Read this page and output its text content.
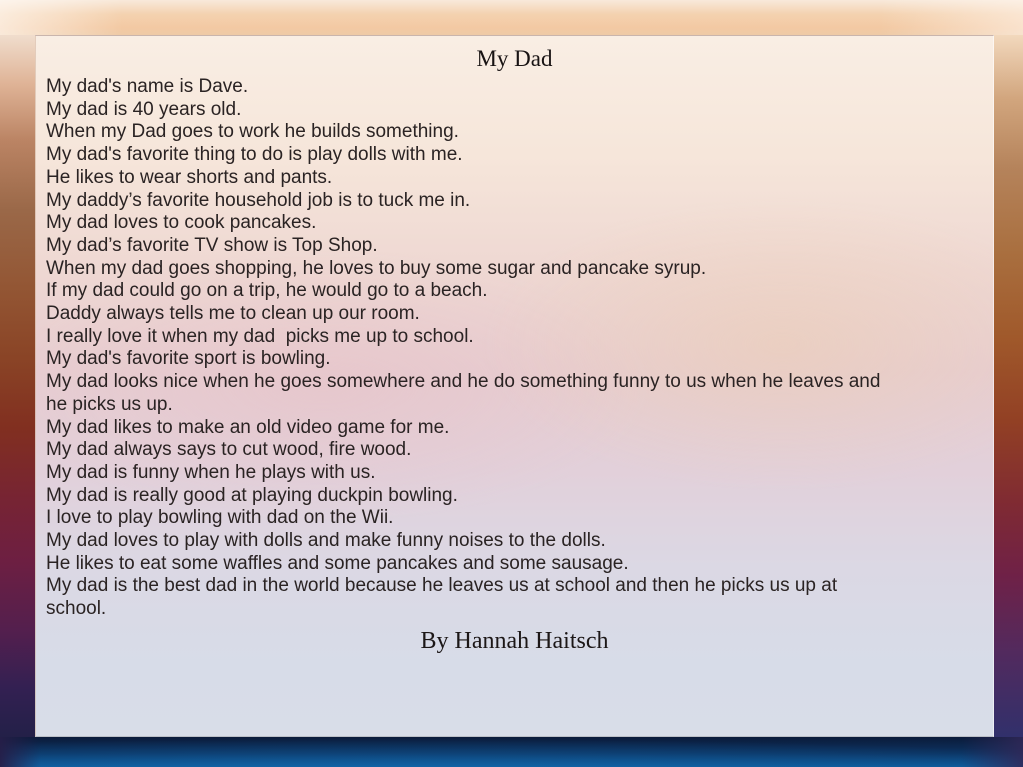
My Dad
My dad's name is Dave.
My dad is 40 years old.
When my Dad goes to work he builds something.
My dad's favorite thing to do is play dolls with me.
He likes to wear shorts and pants.
My daddy’s favorite household job is to tuck me in.
My dad loves to cook pancakes.
My dad’s favorite TV show is Top Shop.
When my dad goes shopping, he loves to buy some sugar and pancake syrup.
If my dad could go on a trip, he would go to a beach.
Daddy always tells me to clean up our room.
I really love it when my dad  picks me up to school.
My dad's favorite sport is bowling.
My dad looks nice when he goes somewhere and he do something funny to us when he leaves and
he picks us up.
My dad likes to make an old video game for me.
My dad always says to cut wood, fire wood.
My dad is funny when he plays with us.
My dad is really good at playing duckpin bowling.
I love to play bowling with dad on the Wii.
My dad loves to play with dolls and make funny noises to the dolls.
He likes to eat some waffles and some pancakes and some sausage.
My dad is the best dad in the world because he leaves us at school and then he picks us up at
school.
By Hannah Haitsch
